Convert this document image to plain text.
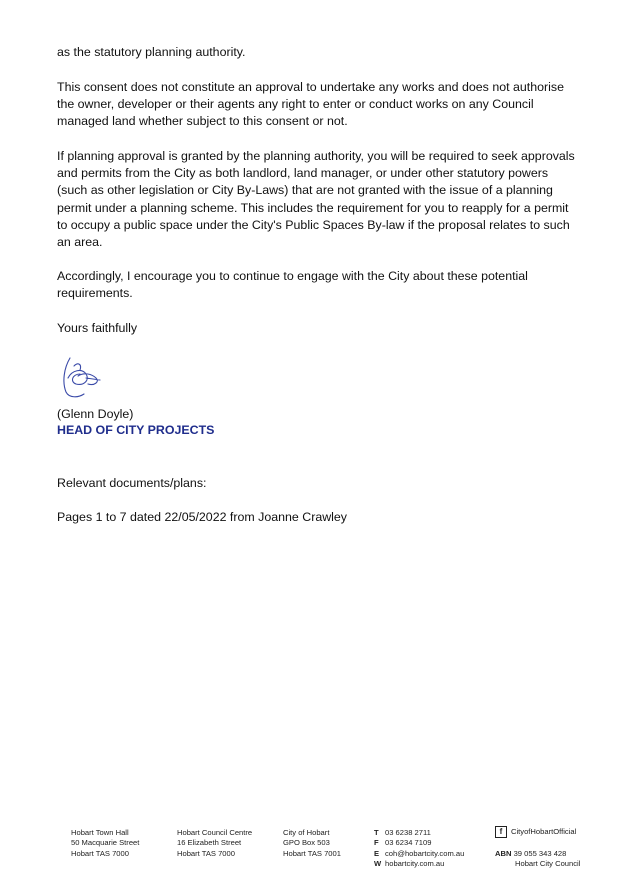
as the statutory planning authority.

This consent does not constitute an approval to undertake any works and does not authorise the owner, developer or their agents any right to enter or conduct works on any Council managed land whether subject to this consent or not.

If planning approval is granted by the planning authority, you will be required to seek approvals and permits from the City as both landlord, land manager, or under other statutory powers (such as other legislation or City By-Laws) that are not granted with the issue of a planning permit under a planning scheme. This includes the requirement for you to reapply for a permit to occupy a public space under the City's Public Spaces By-law if the proposal relates to such an area.

Accordingly, I encourage you to continue to engage with the City about these potential requirements.

Yours faithfully

(Glenn Doyle)

HEAD OF CITY PROJECTS

Relevant documents/plans:

Pages 1 to 7 dated 22/05/2022 from Joanne Crawley

Hobart Town Hall
50 Macquarie Street
Hobart TAS 7000
Hobart Council Centre
16 Elizabeth Street
Hobart TAS 7000
City of Hobart
GPO Box 503
Hobart TAS 7001
T 03 6238 2711
F 03 6234 7109
E coh@hobartcity.com.au
W hobartcity.com.au
f CityofHobartOfficial
ABN 39 055 343 428
Hobart City Council
